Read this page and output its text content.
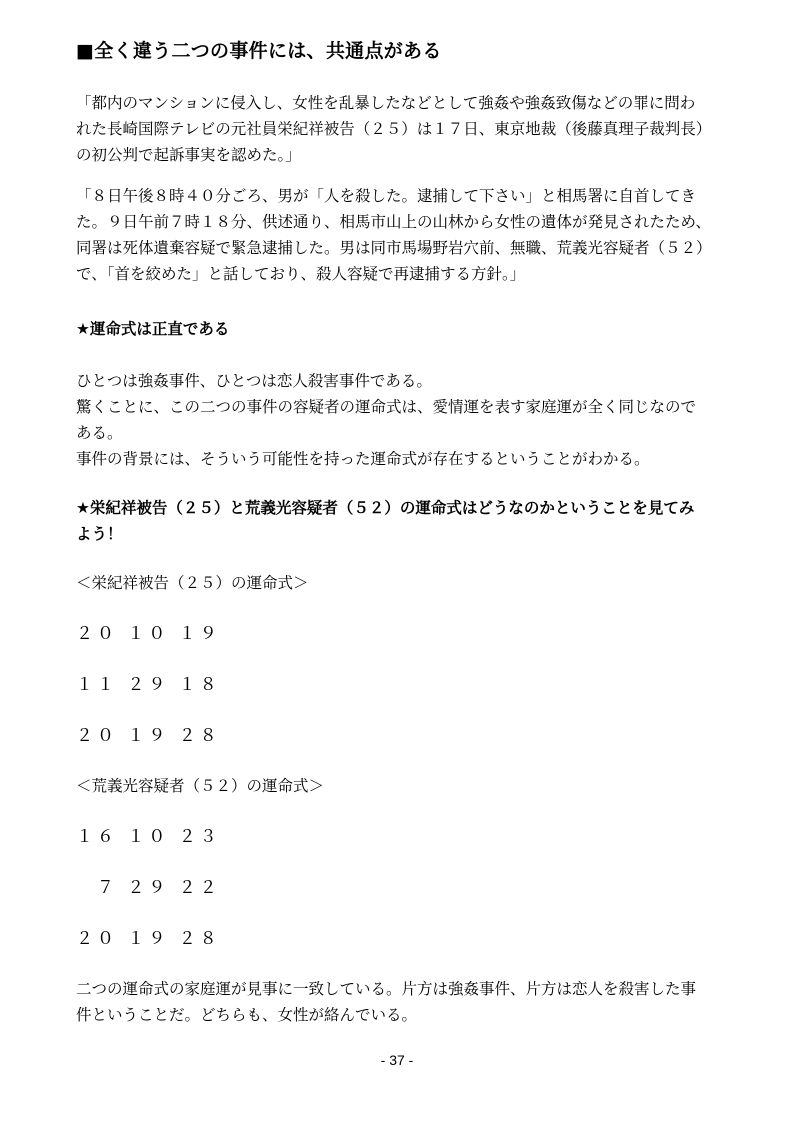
■全く違う二つの事件には、共通点がある
「都内のマンションに侵入し、女性を乱暴したなどとして強姦や強姦致傷などの罪に問わ
れた長崎国際テレビの元社員栄紀祥被告（２５）は１７日、東京地裁（後藤真理子裁判長）
の初公判で起訴事実を認めた。」
「８日午後８時４０分ごろ、男が「人を殺した。逮捕して下さい」と相馬署に自首してき
た。９日午前７時１８分、供述通り、相馬市山上の山林から女性の遺体が発見されたため、
同署は死体遺棄容疑で緊急逮捕した。男は同市馬場野岩穴前、無職、荒義光容疑者（５２）
で、「首を絞めた」と話しており、殺人容疑で再逮捕する方針。」
★運命式は正直である
ひとつは強姦事件、ひとつは恋人殺害事件である。
驚くことに、この二つの事件の容疑者の運命式は、愛情運を表す家庭運が全く同じなので
ある。
事件の背景には、そういう可能性を持った運命式が存在するということがわかる。
★栄紀祥被告（２５）と荒義光容疑者（５２）の運命式はどうなのかということを見てみ
よう！
＜栄紀祥被告（２５）の運命式＞
２０ １０ １９
１１ ２９ １８
２０ １９ ２８
＜荒義光容疑者（５２）の運命式＞
１６ １０ ２３
　７ ２９ ２２
２０ １９ ２８
二つの運命式の家庭運が見事に一致している。片方は強姦事件、片方は恋人を殺害した事
件ということだ。どちらも、女性が絡んでいる。
- 37 -
